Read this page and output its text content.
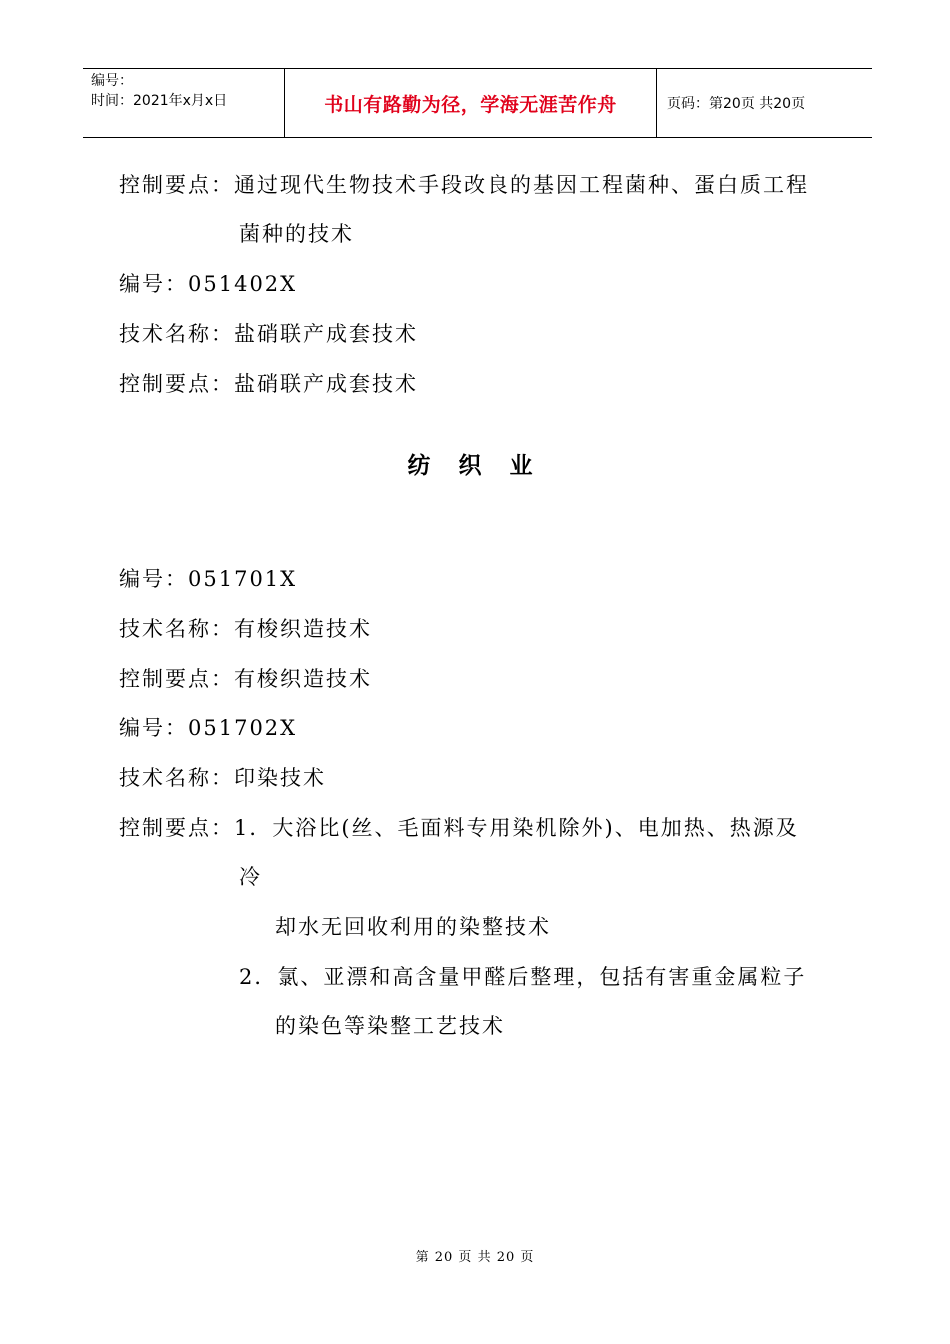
编号：
时间：2021年x月x日	书山有路勤为径，学海无涯苦作舟	页码：第20页 共20页
控制要点：通过现代生物技术手段改良的基因工程菌种、蛋白质工程
菌种的技术
编号：051402X
技术名称：盐硝联产成套技术
控制要点：盐硝联产成套技术
纺 织 业
编号：051701X
技术名称：有梭织造技术
控制要点：有梭织造技术
编号：051702X
技术名称：印染技术
控制要点：1．大浴比(丝、毛面料专用染机除外)、电加热、热源及
冷
却水无回收利用的染整技术
2．氯、亚漂和高含量甲醛后整理，包括有害重金属粒子
的染色等染整工艺技术
第 20 页 共 20 页
